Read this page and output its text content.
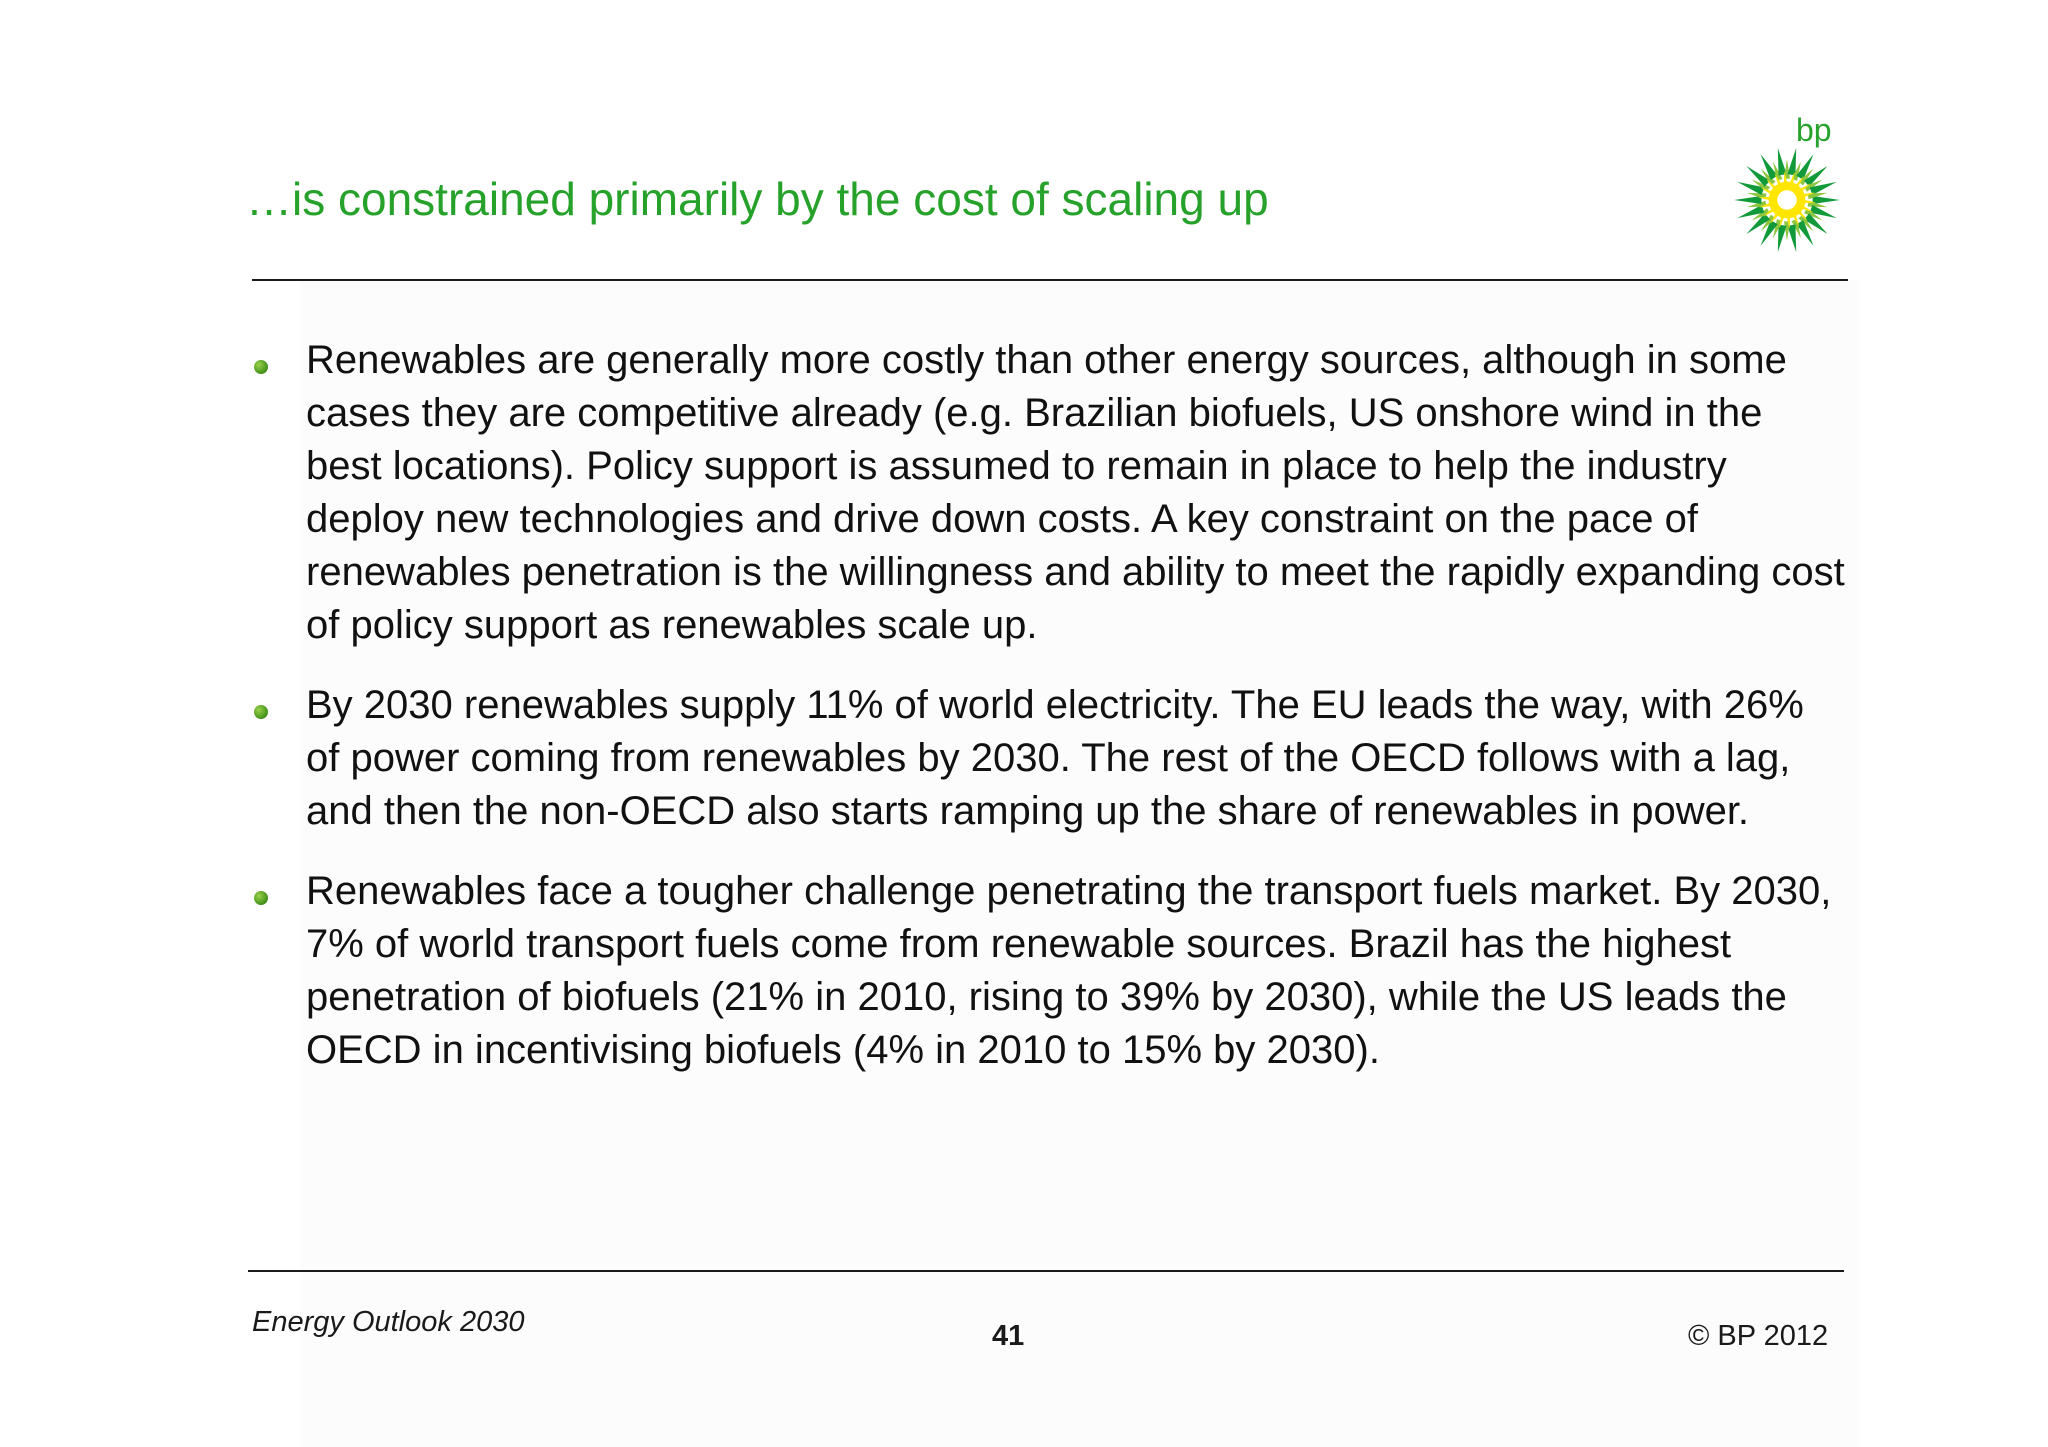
…is constrained primarily by the cost of scaling up
bp
Renewables are generally more costly than other energy sources, although in some cases they are competitive already (e.g. Brazilian biofuels, US onshore wind in the best locations). Policy support is assumed to remain in place to help the industry deploy new technologies and drive down costs. A key constraint on the pace of renewables penetration is the willingness and ability to meet the rapidly expanding cost of policy support as renewables scale up.
By 2030 renewables supply 11% of world electricity. The EU leads the way, with 26% of power coming from renewables by 2030. The rest of the OECD follows with a lag, and then the non-OECD also starts ramping up the share of renewables in power.
Renewables face a tougher challenge penetrating the transport fuels market. By 2030, 7% of world transport fuels come from renewable sources. Brazil has the highest penetration of biofuels (21% in 2010, rising to 39% by 2030), while the US leads the OECD in incentivising biofuels (4% in 2010 to 15% by 2030).
Energy Outlook 2030	41	© BP 2012
